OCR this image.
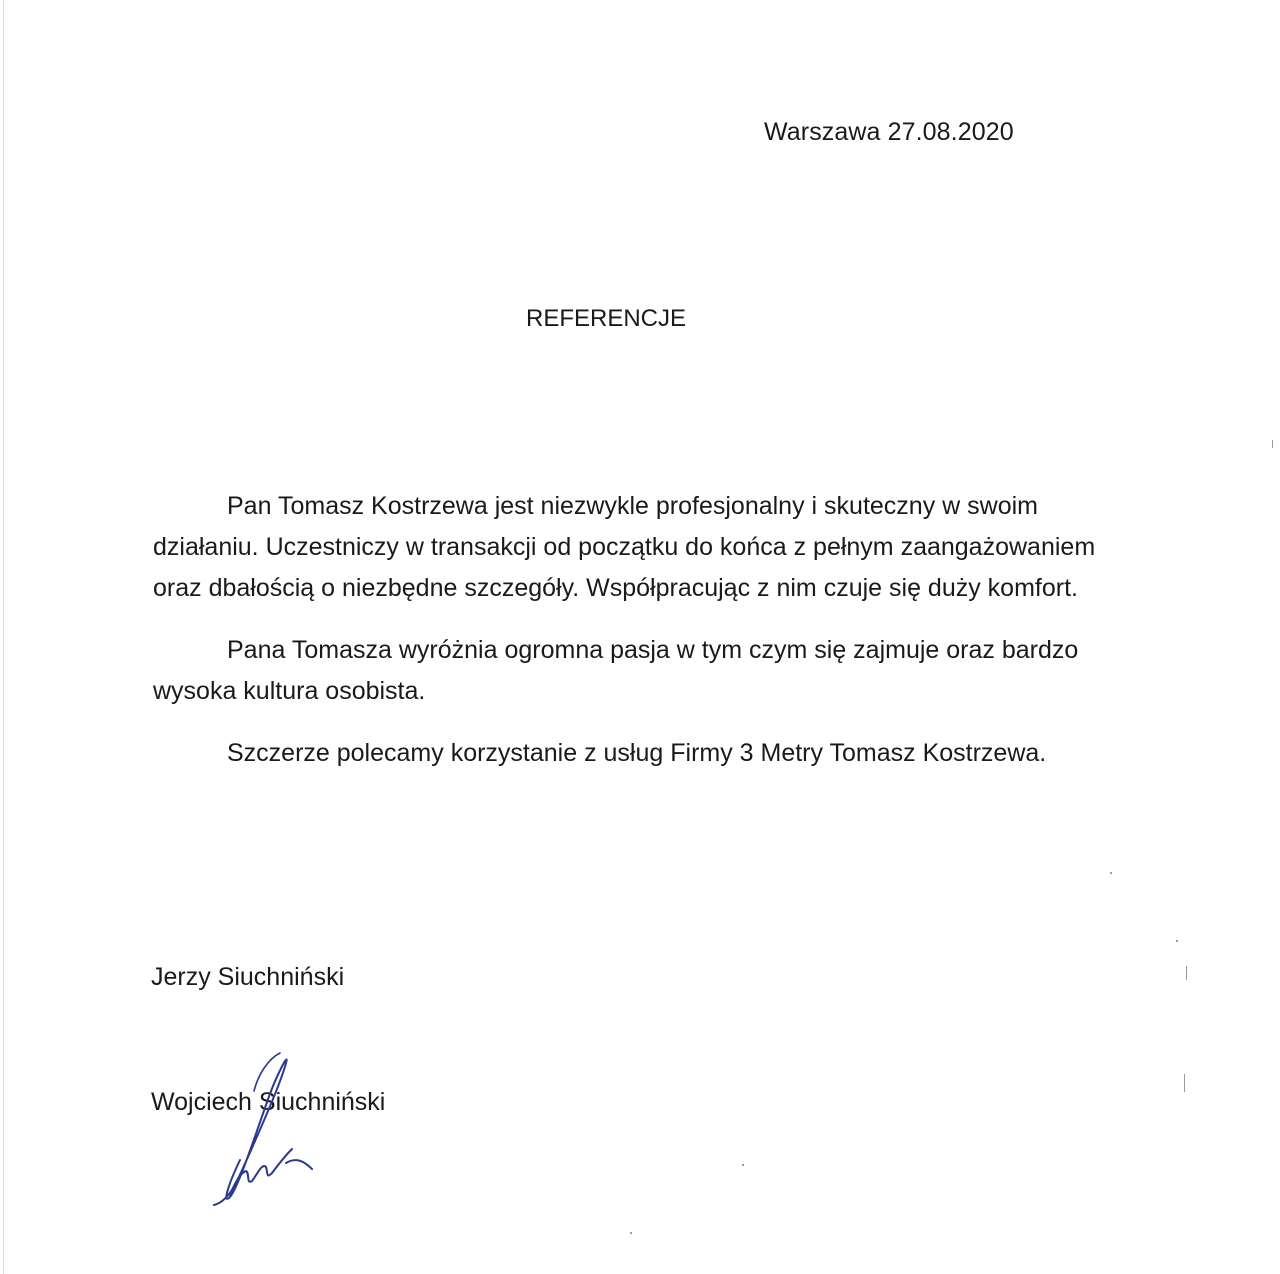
Warszawa 27.08.2020
REFERENCJE

Pan Tomasz Kostrzewa jest niezwykle profesjonalny i skuteczny w swoim działaniu. Uczestniczy w transakcji od początku do końca z pełnym zaangażowaniem oraz dbałością o niezbędne szczegóły. Współpracując z nim czuje się duży komfort.

Pana Tomasza wyróżnia ogromna pasja w tym czym się zajmuje oraz bardzo wysoka kultura osobista.

Szczerze polecamy korzystanie z usług Firmy 3 Metry Tomasz Kostrzewa.

Jerzy Siuchniński
Wojciech Siuchniński
